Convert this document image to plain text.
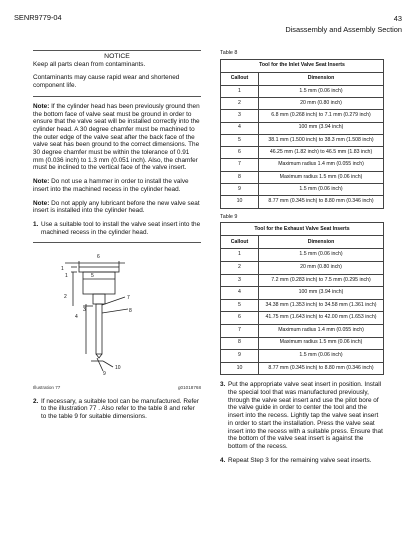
SENR9779-04	43
Disassembly and Assembly Section
NOTICE

Keep all parts clean from contaminants.

Contaminants may cause rapid wear and shortened component life.

Note: If the cylinder head has been previously ground then the bottom face of valve seat must be ground in order to ensure that the valve seat will be installed correctly into the cylinder head. A 30 degree chamfer must be machined to the outer edge of the valve seat after the back face of the valve seat has been ground to the correct dimensions. The 30 degree chamfer must be within the tolerance of 0.91 mm (0.036 inch) to 1.3 mm (0.051 inch). Also, the chamfer must be inclined to the vertical face of the valve insert.

Note: Do not use a hammer in order to install the valve insert into the machined recess in the cylinder head.

Note: Do not apply any lubricant before the new valve seat insert is installed into the cylinder head.

1. Use a suitable tool to install the valve seat insert into the machined recess in the cylinder head.
6
1
1	5
2
3
4
7
8
10
9
Illustration 77	g01018768
2. If necessary, a suitable tool can be manufactured. Refer to the illustration 77 . Also refer to the table 8 and refer to the table 9 for suitable dimensions.
Table 8
Tool for the Inlet Valve Seat Inserts	
Callout	Dimension
1	1.5 mm (0.06 inch)
2	20 mm (0.80 inch)
3	6.8 mm (0.268 inch) to 7.1 mm (0.279 inch)
4	100 mm (3.94 inch)
5	38.1 mm (1.500 inch) to 38.3 mm (1.508 inch)
6	46.25 mm (1.82 inch) to 46.5 mm (1.83 inch)
7	Maximum radius 1.4 mm (0.055 inch)
8	Maximum radius 1.5 mm (0.06 inch)
9	1.5 mm (0.06 inch)
10	8.77 mm (0.345 inch) to 8.80 mm (0.346 inch)
Table 9
Tool for the Exhaust Valve Seat Inserts	
Callout	Dimension
1	1.5 mm (0.06 inch)
2	20 mm (0.80 inch)
3	7.2 mm (0.283 inch) to 7.5 mm (0.295 inch)
4	100 mm (3.94 inch)
5	34.38 mm (1.353 inch) to 34.58 mm (1.361 inch)
6	41.75 mm (1.643 inch) to 42.00 mm (1.653 inch)
7	Maximum radius 1.4 mm (0.055 inch)
8	Maximum radius 1.5 mm (0.06 inch)
9	1.5 mm (0.06 inch)
10	8.77 mm (0.345 inch) to 8.80 mm (0.346 inch)
3. Put the appropriate valve seat insert in position. Install the special tool that was manufactured previously, through the valve seat insert and use the pilot bore of the valve guide in order to center the tool and the insert into the recess. Lightly tap the valve seat insert in order to start the installation. Press the valve seat insert into the recess with a suitable press. Ensure that the bottom of the valve seat insert is against the bottom of the recess.
4. Repeat Step 3 for the remaining valve seat inserts.
